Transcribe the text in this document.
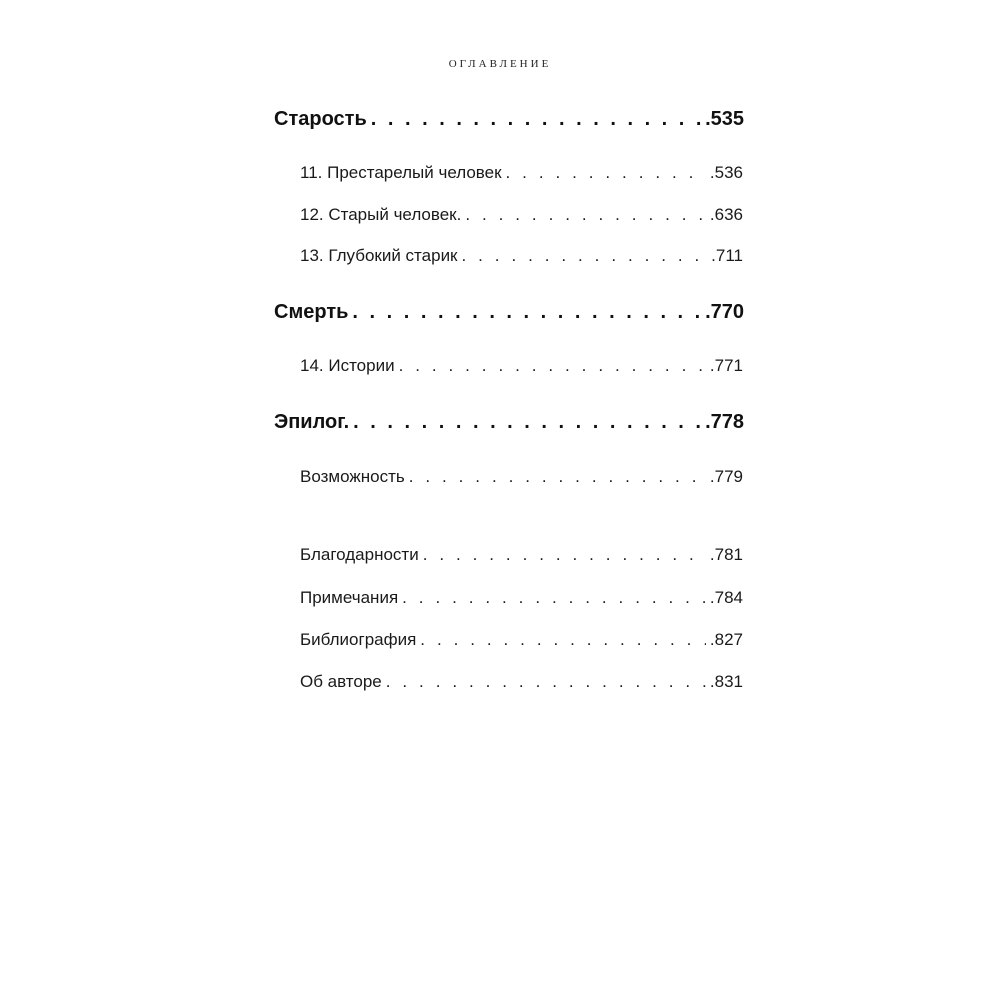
ОГЛАВЛЕНИЕ
Старость . . .	.535
11. Престарелый человек . . .	.536
12. Старый человек. . . .	.636
13. Глубокий старик . . .	.711
Смерть . . .	.770
14. Истории . . .	.771
Эпилог. . . .	.778
Возможность . . .	.779
Благодарности . . .	.781
Примечания . . .	.784
Библиография . . .	.827
Об авторе . . .	.831
